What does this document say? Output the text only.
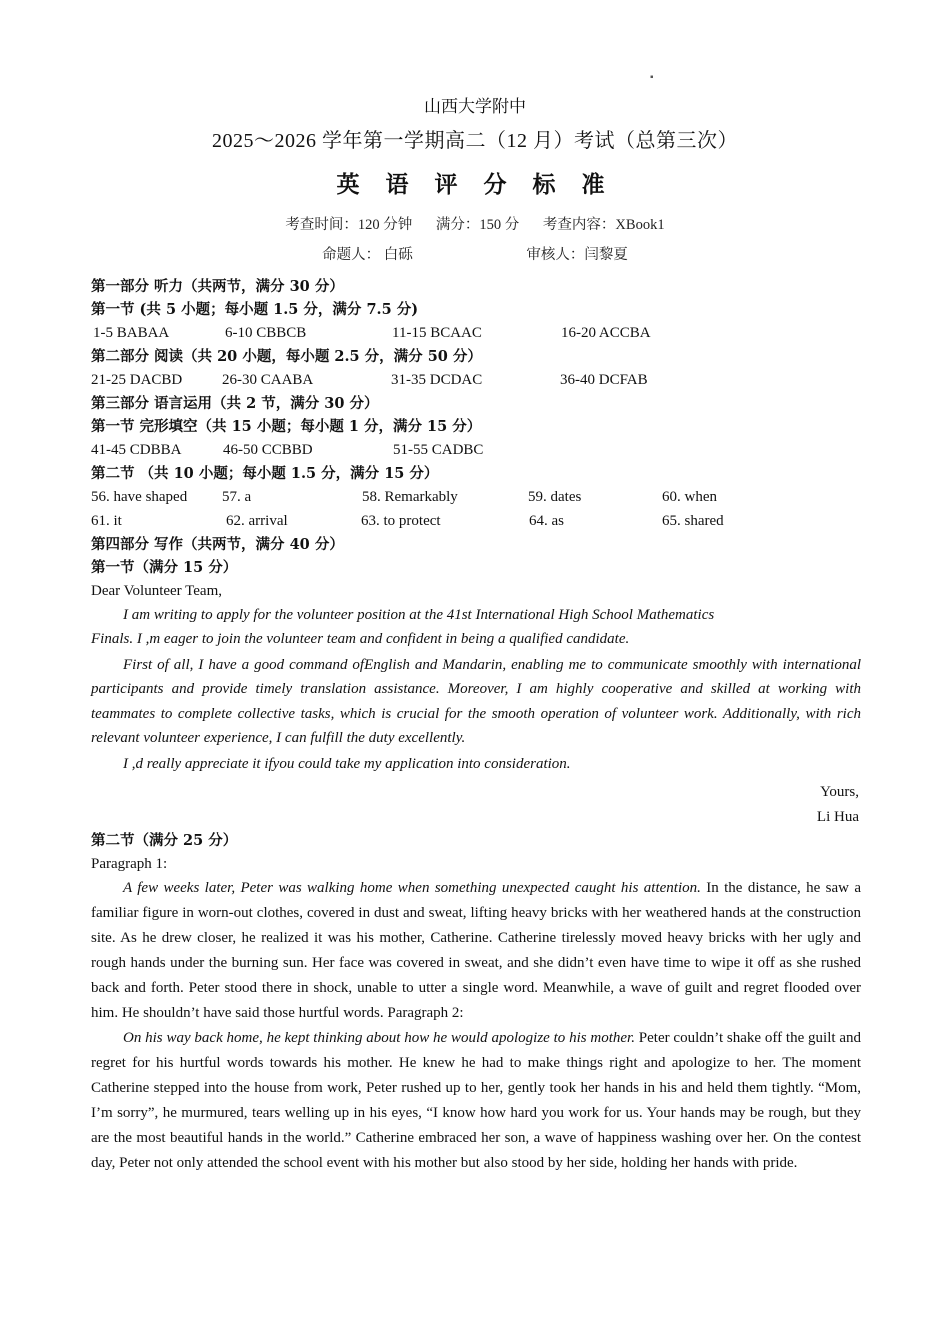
▪
山西大学附中
2025～2026 学年第一学期高二（12 月）考试（总第三次）
英 语 评 分 标 准
考查时间：120 分钟 满分：150 分 考查内容：XBook1
命题人： 白砾	审核人：闫黎夏
第一部分 听力（共两节，满分 30 分）
第一节 (共 5 小题；每小题 1.5 分，满分 7.5 分)
1-5 BABAA	6-10 CBBCB	11-15 BCAAC	16-20 ACCBA
第二部分 阅读（共 20 小题，每小题 2.5 分，满分 50 分）
21-25 DACBD	26-30 CAABA	31-35 DCDAC	36-40 DCFAB
第三部分 语言运用（共 2 节，满分 30 分）
第一节 完形填空（共 15 小题；每小题 1 分，满分 15 分）
41-45 CDBBA	46-50 CCBBD	51-55 CADBC
第二节 （共 10 小题；每小题 1.5 分，满分 15 分）
56. have shaped 57. a	58. Remarkably	59. dates	60. when
61. it	62. arrival	63. to protect	64. as	65. shared
第四部分 写作（共两节，满分 40 分）
第一节（满分 15 分）
Dear Volunteer Team,

I am writing to apply for the volunteer position at the 41st International High School Mathematics

Finals. I ,m eager to join the volunteer team and confident in being a qualified candidate.

First of all, I have a good command ofEnglish and Mandarin, enabling me to communicate smoothly with international participants and provide timely translation assistance. Moreover, I am highly cooperative and skilled at working with teammates to complete collective tasks, which is crucial for the smooth operation of volunteer work. Additionally, with rich relevant volunteer experience, I can fulfill the duty excellently.

I ,d really appreciate it ifyou could take my application into consideration.

Yours,
Li Hua
第二节（满分 25 分）
Paragraph 1:

A few weeks later, Peter was walking home when something unexpected caught his attention. In the distance, he saw a familiar figure in worn-out clothes, covered in dust and sweat, lifting heavy bricks with her weathered hands at the construction site. As he drew closer, he realized it was his mother, Catherine. Catherine tirelessly moved heavy bricks with her ugly and rough hands under the burning sun. Her face was covered in sweat, and she didn’t even have time to wipe it off as she rushed back and forth. Peter stood there in shock, unable to utter a single word. Meanwhile, a wave of guilt and regret flooded over him. He shouldn’t have said those hurtful words. Paragraph 2:

On his way back home, he kept thinking about how he would apologize to his mother. Peter couldn’t shake off the guilt and regret for his hurtful words towards his mother. He knew he had to make things right and apologize to her. The moment Catherine stepped into the house from work, Peter rushed up to her, gently took her hands in his and held them tightly. “Mom, I’m sorry”, he murmured, tears welling up in his eyes, “I know how hard you work for us. Your hands may be rough, but they are the most beautiful hands in the world.” Catherine embraced her son, a wave of happiness washing over her. On the contest day, Peter not only attended the school event with his mother but also stood by her side, holding her hands with pride.
